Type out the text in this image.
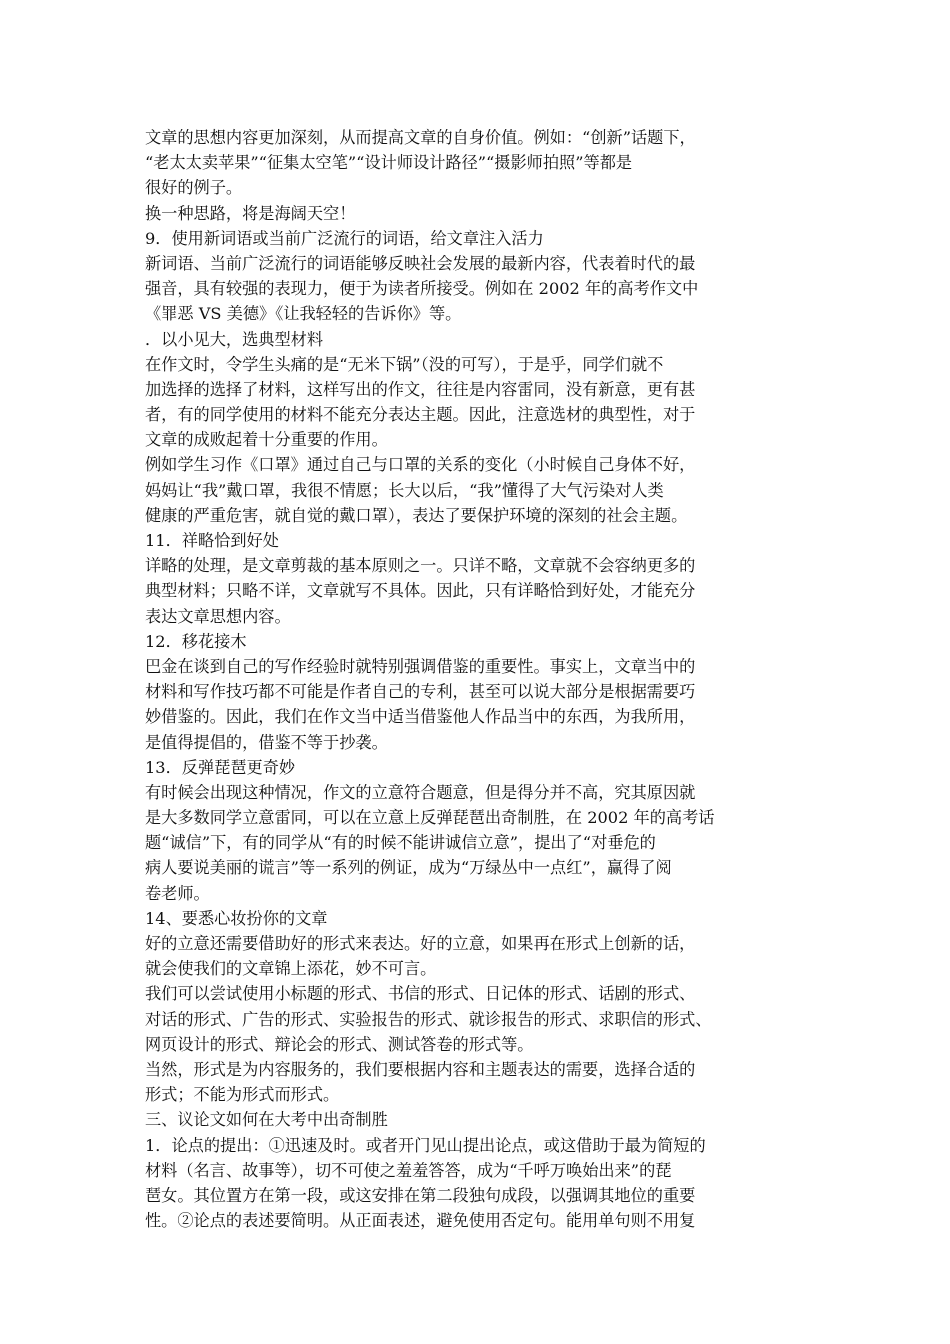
文章的思想内容更加深刻，从而提高文章的自身价值。例如：“创新”话题下，
“老太太卖苹果”“征集太空笔”“设计师设计路径”“摄影师拍照”等都是
很好的例子。
换一种思路，将是海阔天空！
9．使用新词语或当前广泛流行的词语，给文章注入活力
新词语、当前广泛流行的词语能够反映社会发展的最新内容，代表着时代的最
强音，具有较强的表现力，便于为读者所接受。例如在 2002 年的高考作文中
《罪恶 VS 美德》《让我轻轻的告诉你》等。
．以小见大，选典型材料
在作文时，令学生头痛的是“无米下锅”（没的可写），于是乎，同学们就不
加选择的选择了材料，这样写出的作文，往往是内容雷同，没有新意，更有甚
者，有的同学使用的材料不能充分表达主题。因此，注意选材的典型性，对于
文章的成败起着十分重要的作用。
例如学生习作《口罩》通过自己与口罩的关系的变化（小时候自己身体不好，
妈妈让“我”戴口罩，我很不情愿；长大以后，“我”懂得了大气污染对人类
健康的严重危害，就自觉的戴口罩），表达了要保护环境的深刻的社会主题。
11．祥略恰到好处
详略的处理，是文章剪裁的基本原则之一。只详不略，文章就不会容纳更多的
典型材料；只略不详，文章就写不具体。因此，只有详略恰到好处，才能充分
表达文章思想内容。
12．移花接木
巴金在谈到自己的写作经验时就特别强调借鉴的重要性。事实上，文章当中的
材料和写作技巧都不可能是作者自己的专利，甚至可以说大部分是根据需要巧
妙借鉴的。因此，我们在作文当中适当借鉴他人作品当中的东西，为我所用，
是值得提倡的，借鉴不等于抄袭。
13．反弹琵琶更奇妙
有时候会出现这种情况，作文的立意符合题意，但是得分并不高，究其原因就
是大多数同学立意雷同，可以在立意上反弹琵琶出奇制胜，在 2002 年的高考话
题“诚信”下，有的同学从“有的时候不能讲诚信立意”，提出了“对垂危的
病人要说美丽的谎言”等一系列的例证，成为“万绿丛中一点红”，赢得了阅
卷老师。
14、要悉心妆扮你的文章
好的立意还需要借助好的形式来表达。好的立意，如果再在形式上创新的话，
就会使我们的文章锦上添花，妙不可言。
我们可以尝试使用小标题的形式、书信的形式、日记体的形式、话剧的形式、
对话的形式、广告的形式、实验报告的形式、就诊报告的形式、求职信的形式、
网页设计的形式、辩论会的形式、测试答卷的形式等。
当然，形式是为内容服务的，我们要根据内容和主题表达的需要，选择合适的
形式；不能为形式而形式。
三、议论文如何在大考中出奇制胜
1．论点的提出：①迅速及时。或者开门见山提出论点，或这借助于最为简短的
材料（名言、故事等），切不可使之羞羞答答，成为“千呼万唤始出来”的琵
琶女。其位置方在第一段，或这安排在第二段独句成段，以强调其地位的重要
性。②论点的表述要简明。从正面表述，避免使用否定句。能用单句则不用复
